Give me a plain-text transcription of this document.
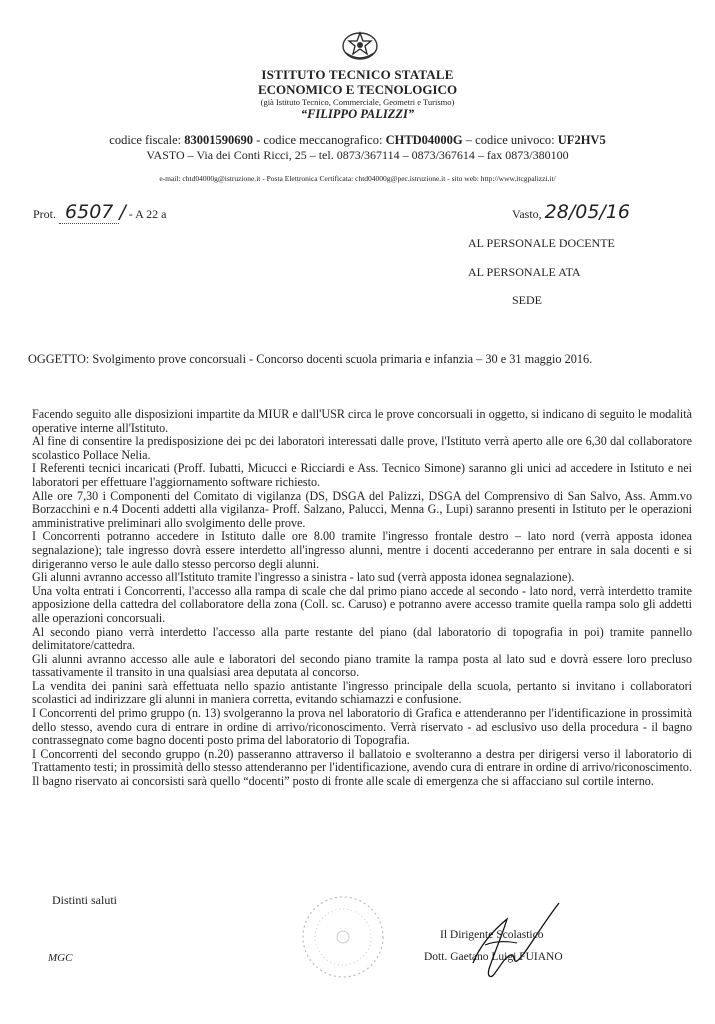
ISTITUTO TECNICO STATALE
ECONOMICO E TECNOLOGICO
(già Istituto Tecnico, Commerciale, Geometri e Turismo)
“FILIPPO PALIZZI”
codice fiscale: 83001590690 - codice meccanografico: CHTD04000G – codice univoco: UF2HV5
VASTO – Via dei Conti Ricci, 25 – tel. 0873/367114 – 0873/367614 – fax 0873/380100
e-mail: chtd04000g@istruzione.it - Posta Elettronica Certificata: chtd04000g@pec.istruzione.it - sito web: http://www.itcgpalizzi.it/
Prot. 6507 / - A 22 a	Vasto, 28/05/16
AL PERSONALE DOCENTE
AL PERSONALE ATA
SEDE
OGGETTO: Svolgimento prove concorsuali - Concorso docenti scuola primaria e infanzia – 30 e 31 maggio 2016.

Facendo seguito alle disposizioni impartite da MIUR e dall'USR circa le prove concorsuali in oggetto, si indicano di seguito le modalità operative interne all'Istituto.

Al fine di consentire la predisposizione dei pc dei laboratori interessati dalle prove, l'Istituto verrà aperto alle ore 6,30 dal collaboratore scolastico Pollace Nelia.

I Referenti tecnici incaricati (Proff. Iubatti, Micucci e Ricciardi e Ass. Tecnico Simone) saranno gli unici ad accedere in Istituto e nei laboratori per effettuare l'aggiornamento software richiesto.

Alle ore 7,30 i Componenti del Comitato di vigilanza (DS, DSGA del Palizzi, DSGA del Comprensivo di San Salvo, Ass. Amm.vo Borzacchini e n.4 Docenti addetti alla vigilanza- Proff. Salzano, Palucci, Menna G., Lupi) saranno presenti in Istituto per le operazioni amministrative preliminari allo svolgimento delle prove.

I Concorrenti potranno accedere in Istituto dalle ore 8.00 tramite l'ingresso frontale destro – lato nord (verrà apposta idonea segnalazione); tale ingresso dovrà essere interdetto all'ingresso alunni, mentre i docenti accederanno per entrare in sala docenti e si dirigeranno verso le aule dallo stesso percorso degli alunni.

Gli alunni avranno accesso all'Istituto tramite l'ingresso a sinistra - lato sud (verrà apposta idonea segnalazione).

Una volta entrati i Concorrenti, l'accesso alla rampa di scale che dal primo piano accede al secondo - lato nord, verrà interdetto tramite apposizione della cattedra del collaboratore della zona (Coll. sc. Caruso) e potranno avere accesso tramite quella rampa solo gli addetti alle operazioni concorsuali.

Al secondo piano verrà interdetto l'accesso alla parte restante del piano (dal laboratorio di topografia in poi) tramite pannello delimitatore/cattedra.

Gli alunni avranno accesso alle aule e laboratori del secondo piano tramite la rampa posta al lato sud e dovrà essere loro precluso tassativamente il transito in una qualsiasi area deputata al concorso.

La vendita dei panini sarà effettuata nello spazio antistante l'ingresso principale della scuola, pertanto si invitano i collaboratori scolastici ad indirizzare gli alunni in maniera corretta, evitando schiamazzi e confusione.

I Concorrenti del primo gruppo (n. 13) svolgeranno la prova nel laboratorio di Grafica e attenderanno per l'identificazione in prossimità dello stesso, avendo cura di entrare in ordine di arrivo/riconoscimento. Verrà riservato - ad esclusivo uso della procedura - il bagno contrassegnato come bagno docenti posto prima del laboratorio di Topografia.

I Concorrenti del secondo gruppo (n.20) passeranno attraverso il ballatoio e svolteranno a destra per dirigersi verso il laboratorio di Trattamento testi; in prossimità dello stesso attenderanno per l'identificazione, avendo cura di entrare in ordine di arrivo/riconoscimento. Il bagno riservato ai concorsisti sarà quello “docenti” posto di fronte alle scale di emergenza che si affacciano sul cortile interno.

Distinti saluti
MGC
Il Dirigente Scolastico
Dott. Gaetano Luigi FUIANO
